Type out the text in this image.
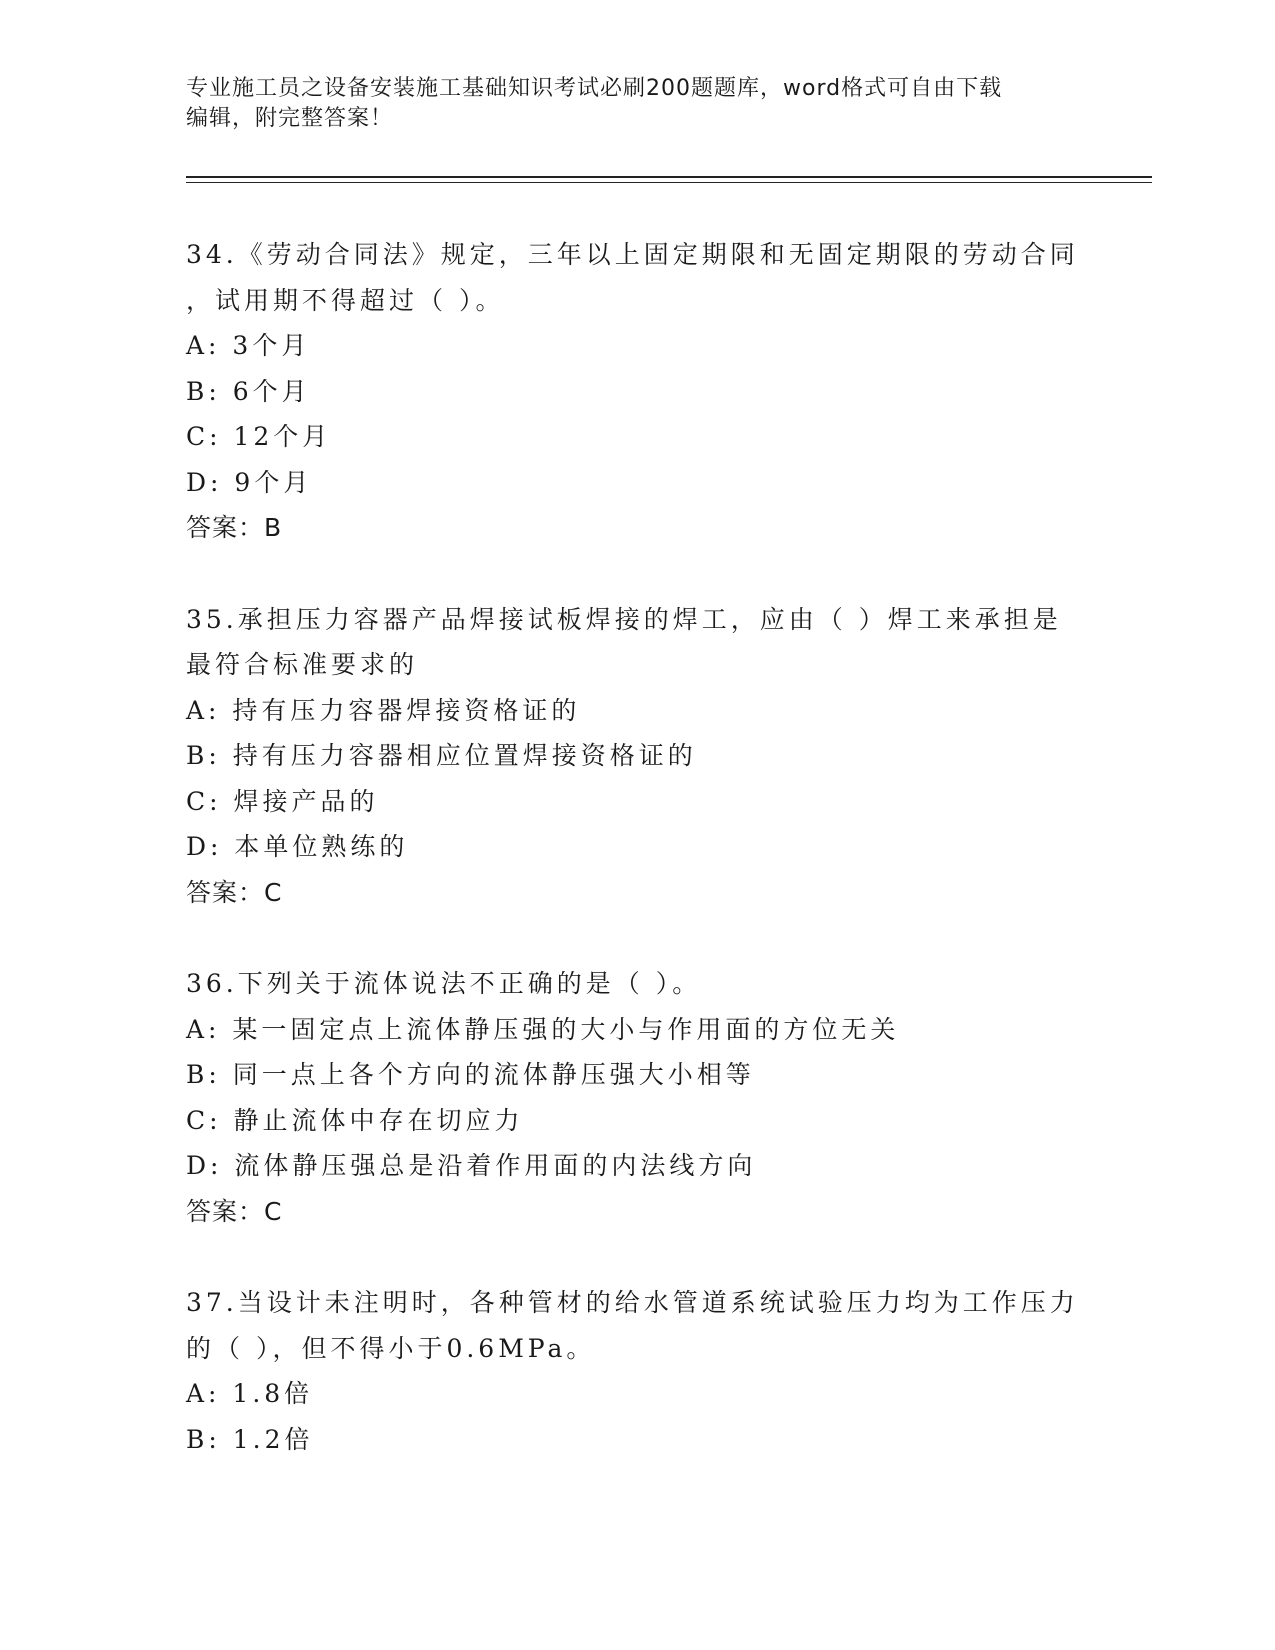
专业施工员之设备安装施工基础知识考试必刷200题题库，word格式可自由下载
编辑，附完整答案！
34.《劳动合同法》规定，三年以上固定期限和无固定期限的劳动合同
，试用期不得超过（ ）。
A: 3个月
B: 6个月
C: 12个月
D: 9个月
答案：B
35.承担压力容器产品焊接试板焊接的焊工，应由（ ）焊工来承担是
最符合标准要求的
A: 持有压力容器焊接资格证的
B: 持有压力容器相应位置焊接资格证的
C: 焊接产品的
D: 本单位熟练的
答案：C
36.下列关于流体说法不正确的是（ ）。
A: 某一固定点上流体静压强的大小与作用面的方位无关
B: 同一点上各个方向的流体静压强大小相等
C: 静止流体中存在切应力
D: 流体静压强总是沿着作用面的内法线方向
答案：C
37.当设计未注明时，各种管材的给水管道系统试验压力均为工作压力
的（ ），但不得小于0.6MPa。
A: 1.8倍
B: 1.2倍
